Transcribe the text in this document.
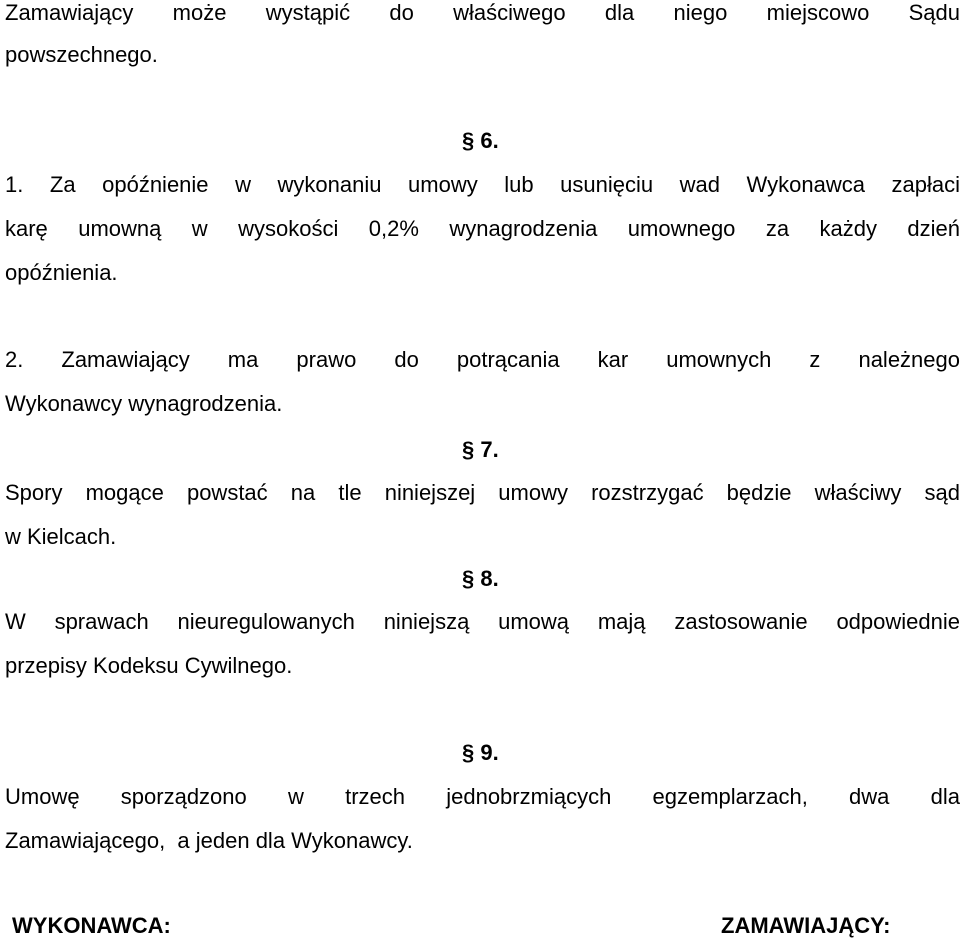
Zamawiający może wystąpić do właściwego dla niego miejscowo Sądu
powszechnego.
§ 6.
1. Za opóźnienie w wykonaniu umowy lub usunięciu wad Wykonawca zapłaci
karę umowną w wysokości 0,2% wynagrodzenia umownego za każdy dzień
opóźnienia.
2. Zamawiający ma prawo do potrącania kar umownych z należnego
Wykonawcy wynagrodzenia.
§ 7.
Spory mogące powstać na tle niniejszej umowy rozstrzygać będzie właściwy sąd
w Kielcach.
§ 8.
W sprawach nieuregulowanych niniejszą umową mają zastosowanie odpowiednie
przepisy Kodeksu Cywilnego.
§ 9.
Umowę sporządzono w trzech jednobrzmiących egzemplarzach, dwa dla
Zamawiającego,  a jeden dla Wykonawcy.
WYKONAWCA:	ZAMAWIAJĄCY:
